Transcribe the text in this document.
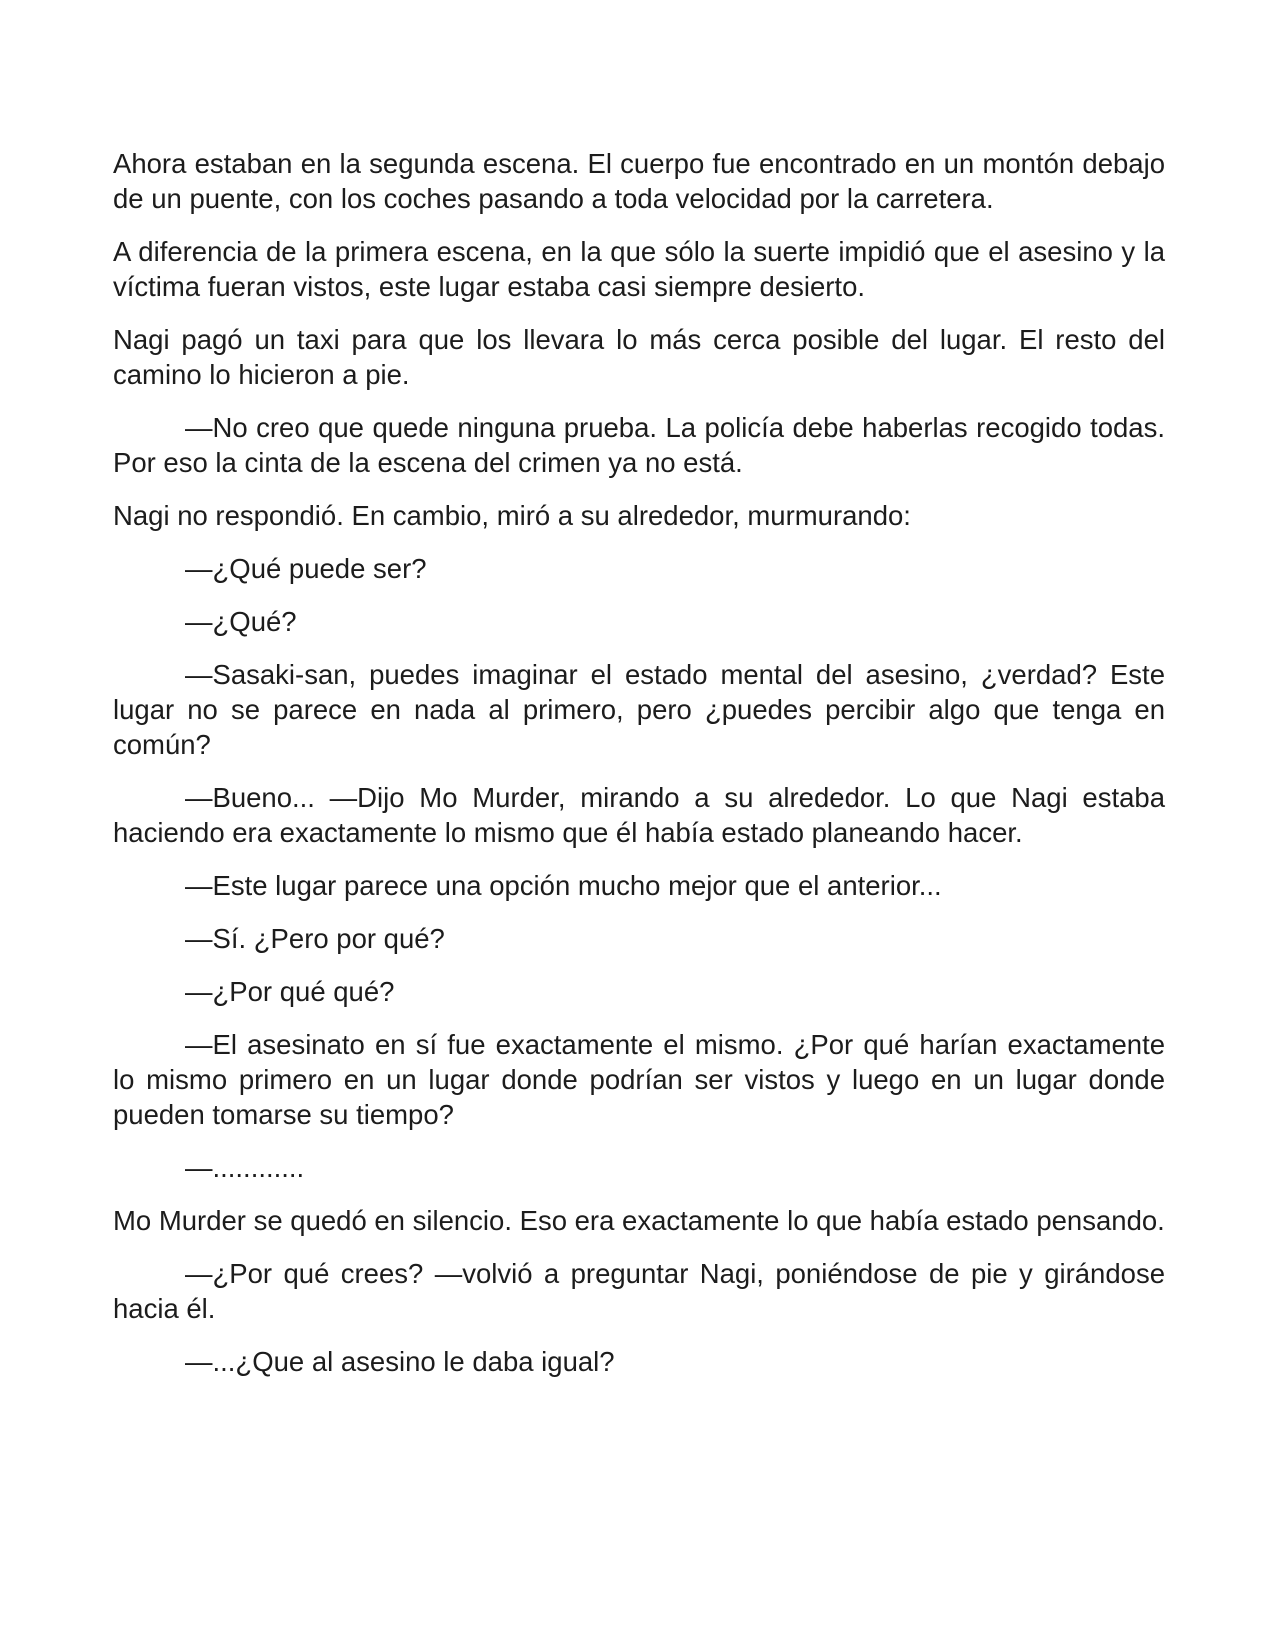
Ahora estaban en la segunda escena. El cuerpo fue encontrado en un montón debajo de un puente, con los coches pasando a toda velocidad por la carretera.

A diferencia de la primera escena, en la que sólo la suerte impidió que el asesino y la víctima fueran vistos, este lugar estaba casi siempre desierto.

Nagi pagó un taxi para que los llevara lo más cerca posible del lugar. El resto del camino lo hicieron a pie.

—No creo que quede ninguna prueba. La policía debe haberlas recogido todas. Por eso la cinta de la escena del crimen ya no está.

Nagi no respondió. En cambio, miró a su alrededor, murmurando:

—¿Qué puede ser?

—¿Qué?

—Sasaki-san, puedes imaginar el estado mental del asesino, ¿verdad? Este lugar no se parece en nada al primero, pero ¿puedes percibir algo que tenga en común?

—Bueno... —Dijo Mo Murder, mirando a su alrededor. Lo que Nagi estaba haciendo era exactamente lo mismo que él había estado planeando hacer.

—Este lugar parece una opción mucho mejor que el anterior...

—Sí. ¿Pero por qué?

—¿Por qué qué?

—El asesinato en sí fue exactamente el mismo. ¿Por qué harían exactamente lo mismo primero en un lugar donde podrían ser vistos y luego en un lugar donde pueden tomarse su tiempo?

—............

Mo Murder se quedó en silencio. Eso era exactamente lo que había estado pensando.

—¿Por qué crees? —volvió a preguntar Nagi, poniéndose de pie y girándose hacia él.

—...¿Que al asesino le daba igual?
